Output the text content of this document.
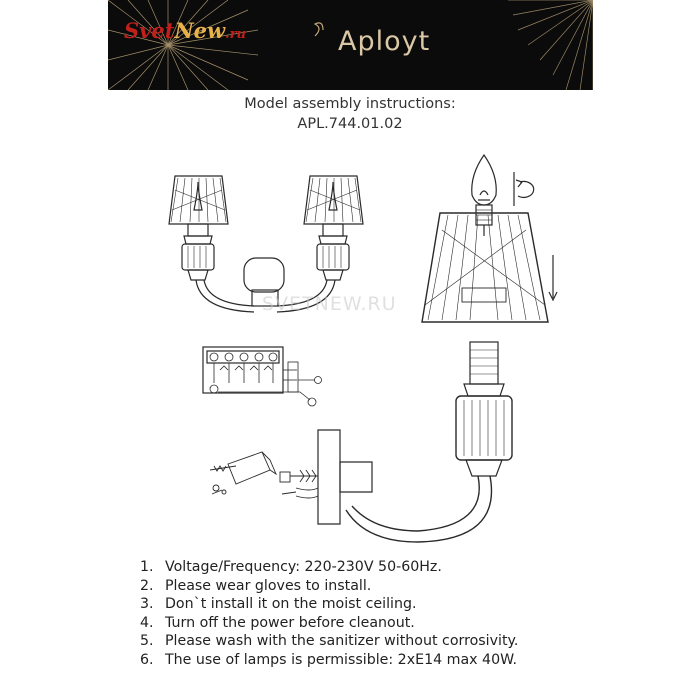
SvetNew.ru	Aployt
Model assembly instructions:
APL.744.01.02
SVETNEW.RU
1. Voltage/Frequency: 220-230V 50-60Hz.
2. Please wear gloves to install.
3. Don`t install it on the moist ceiling.
4. Turn off the power before cleanout.
5. Please wash with the sanitizer without corrosivity.
6. The use of lamps is permissible: 2xE14 max 40W.
